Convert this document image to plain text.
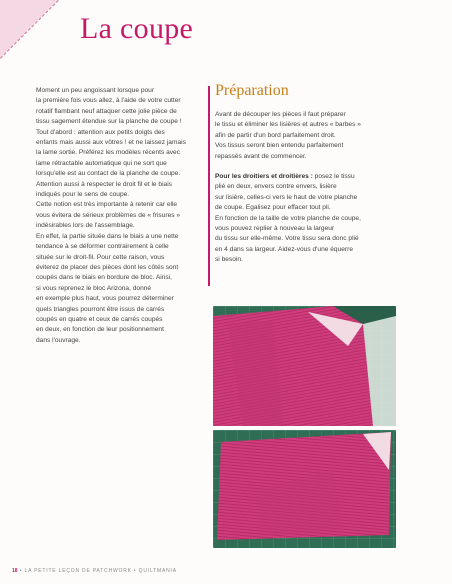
La coupe

Moment un peu angoissant lorsque pour
la première fois vous allez, à l'aide de votre cutter
rotatif flambant neuf attaquer cette jolie pièce de
tissu sagement étendue sur la planche de coupe !
Tout d'abord : attention aux petits doigts des
enfants mais aussi aux vôtres ! et ne laissez jamais
la lame sortie. Préférez les modèles récents avec
lame rétractable automatique qui ne sort que
lorsqu'elle est au contact de la planche de coupe.
Attention aussi à respecter le droit fil et le biais
indiqués pour le sens de coupe.
Cette notion est très importante à retenir car elle
vous évitera de sérieux problèmes de « frisures »
indésirables lors de l'assemblage.
En effet, la partie située dans le biais a une nette
tendance à se déformer contrairement à celle
située sur le droit-fil. Pour cette raison, vous
éviterez de placer des pièces dont les côtés sont
coupés dans le biais en bordure de bloc. Ainsi,
si vous reprenez le bloc Arizona, donné
en exemple plus haut, vous pourrez déterminer
quels triangles pourront être issus de carrés
coupés en quatre et ceux de carrés coupés
en deux, en fonction de leur positionnement
dans l'ouvrage.

Préparation

Avant de découper les pièces il faut préparer
le tissu et éliminer les lisières et autres « barbes »
afin de partir d'un bord parfaitement droit.
Vos tissus seront bien entendu parfaitement
repassés avant de commencer.

Pour les droitiers et droitières : posez le tissu
plié en deux, envers contre envers, lisière
sur lisière, celles-ci vers le haut de votre planche
de coupe. Egalisez pour effacer tout pli.
En fonction de la taille de votre planche de coupe,
vous pouvez replier à nouveau la largeur
du tissu sur elle-même. Votre tissu sera donc plié
en 4 dans sa largeur. Aidez-vous d'une équerre
si besoin.

18 • LA PETITE LEÇON DE PATCHWORK • QUILTMANIA
